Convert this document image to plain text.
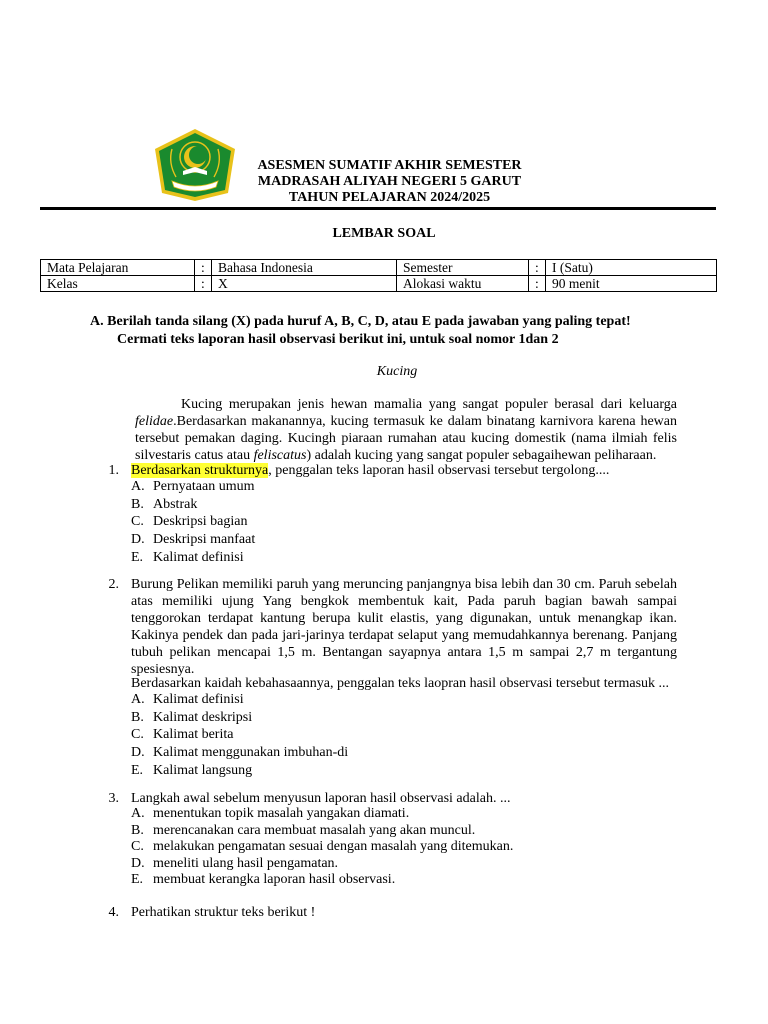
ASESMEN SUMATIF AKHIR SEMESTER
MADRASAH ALIYAH NEGERI 5 GARUT
TAHUN PELAJARAN 2024/2025
LEMBAR SOAL
Mata Pelajaran	:	Bahasa Indonesia	Semester	:	I (Satu)
Kelas	:	X	Alokasi waktu	:	90 menit
A. Berilah tanda silang (X) pada huruf A, B, C, D, atau E pada jawaban yang paling tepat!
Cermati teks laporan hasil observasi berikut ini, untuk soal nomor 1dan 2
Kucing
Kucing merupakan jenis hewan mamalia yang sangat populer berasal dari keluarga felidae.Berdasarkan makanannya, kucing termasuk ke dalam binatang karnivora karena hewan tersebut pemakan daging. Kucingh piaraan rumahan atau kucing domestik (nama ilmiah felis silvestaris catus atau feliscatus) adalah kucing yang sangat populer sebagaihewan peliharaan.
1. Berdasarkan strukturnya, penggalan teks laporan hasil observasi tersebut tergolong....
A. Pernyataan umum
B. Abstrak
C. Deskripsi bagian
D. Deskripsi manfaat
E. Kalimat definisi
2. Burung Pelikan memiliki paruh yang meruncing panjangnya bisa lebih dan 30 cm. Paruh sebelah atas memiliki ujung Yang bengkok membentuk kait, Pada paruh bagian bawah sampai tenggorokan terdapat kantung berupa kulit elastis, yang digunakan, untuk menangkap ikan. Kakinya pendek dan pada jari-jarinya terdapat selaput yang memudahkannya berenang. Panjang tubuh pelikan mencapai 1,5 m. Bentangan sayapnya antara 1,5 m sampai 2,7 m tergantung spesiesnya.
Berdasarkan kaidah kebahasaannya, penggalan teks laopran hasil observasi tersebut termasuk ...
A. Kalimat definisi
B. Kalimat deskripsi
C. Kalimat berita
D. Kalimat menggunakan imbuhan-di
E. Kalimat langsung
3. Langkah awal sebelum menyusun laporan hasil observasi adalah. ...
A. menentukan topik masalah yangakan diamati.
B. merencanakan cara membuat masalah yang akan muncul.
C. melakukan pengamatan sesuai dengan masalah yang ditemukan.
D. meneliti ulang hasil pengamatan.
E. membuat kerangka laporan hasil observasi.
4. Perhatikan struktur teks berikut !
